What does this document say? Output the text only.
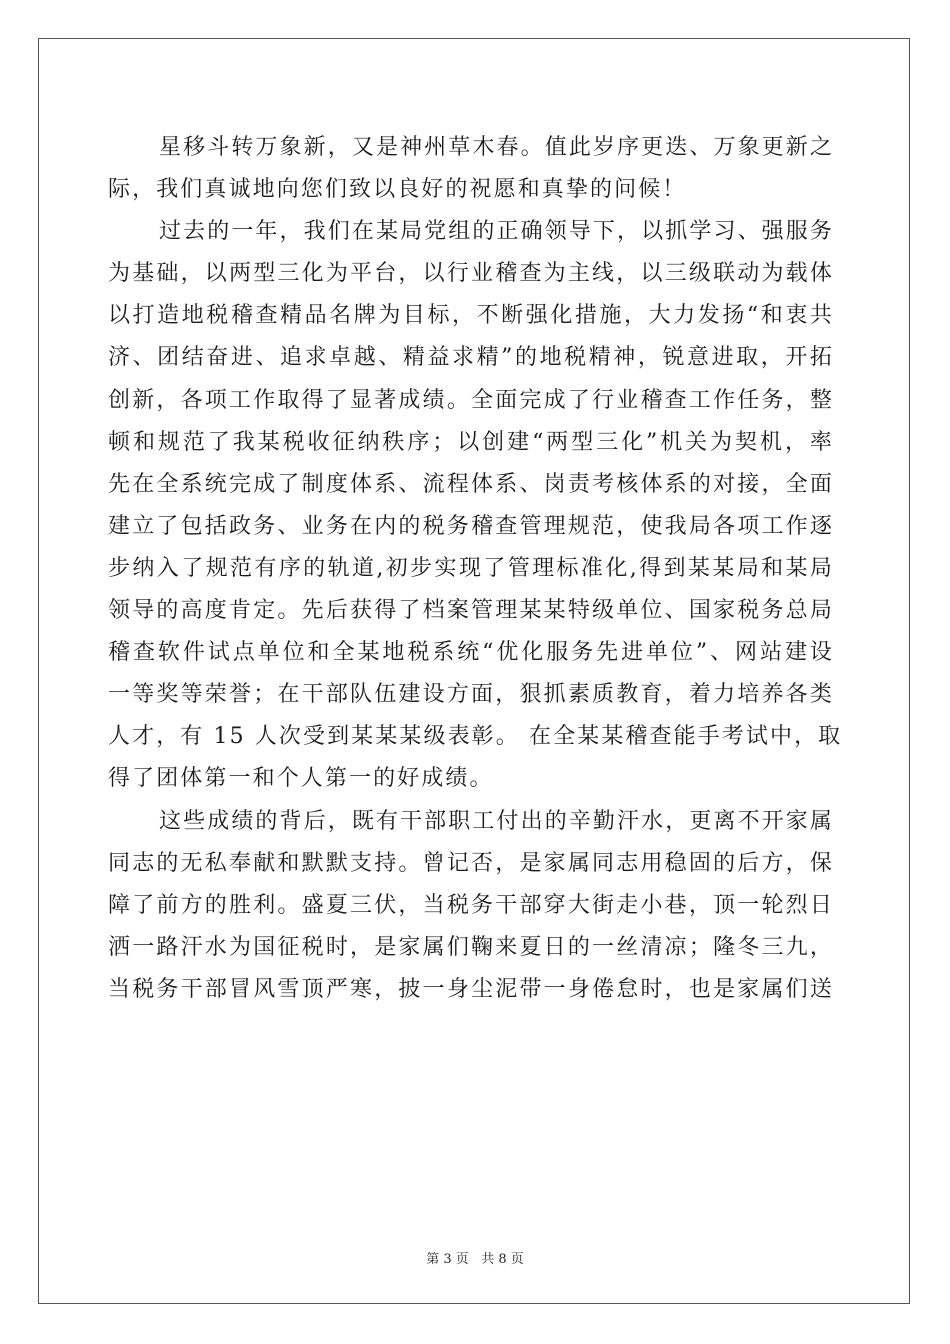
星移斗转万象新，又是神州草木春。值此岁序更迭、万象更新之
际，我们真诚地向您们致以良好的祝愿和真挚的问候！

过去的一年，我们在某局党组的正确领导下，以抓学习、强服务
为基础，以两型三化为平台，以行业稽查为主线，以三级联动为载体
以打造地税稽查精品名牌为目标，不断强化措施，大力发扬“和衷共
济、团结奋进、追求卓越、精益求精”的地税精神，锐意进取，开拓
创新，各项工作取得了显著成绩。全面完成了行业稽查工作任务，整
顿和规范了我某税收征纳秩序；以创建“两型三化”机关为契机，率
先在全系统完成了制度体系、流程体系、岗责考核体系的对接，全面
建立了包括政务、业务在内的税务稽查管理规范，使我局各项工作逐
步纳入了规范有序的轨道,初步实现了管理标准化,得到某某局和某局
领导的高度肯定。先后获得了档案管理某某特级单位、国家税务总局
稽查软件试点单位和全某地税系统“优化服务先进单位”、网站建设
一等奖等荣誉；在干部队伍建设方面，狠抓素质教育，着力培养各类
人才，有 15 人次受到某某某级表彰。 在全某某稽查能手考试中，取
得了团体第一和个人第一的好成绩。

这些成绩的背后，既有干部职工付出的辛勤汗水，更离不开家属
同志的无私奉献和默默支持。曾记否，是家属同志用稳固的后方，保
障了前方的胜利。盛夏三伏，当税务干部穿大街走小巷，顶一轮烈日
洒一路汗水为国征税时，是家属们鞠来夏日的一丝清凉；隆冬三九，
当税务干部冒风雪顶严寒，披一身尘泥带一身倦怠时，也是家属们送

第 3 页 共 8 页
